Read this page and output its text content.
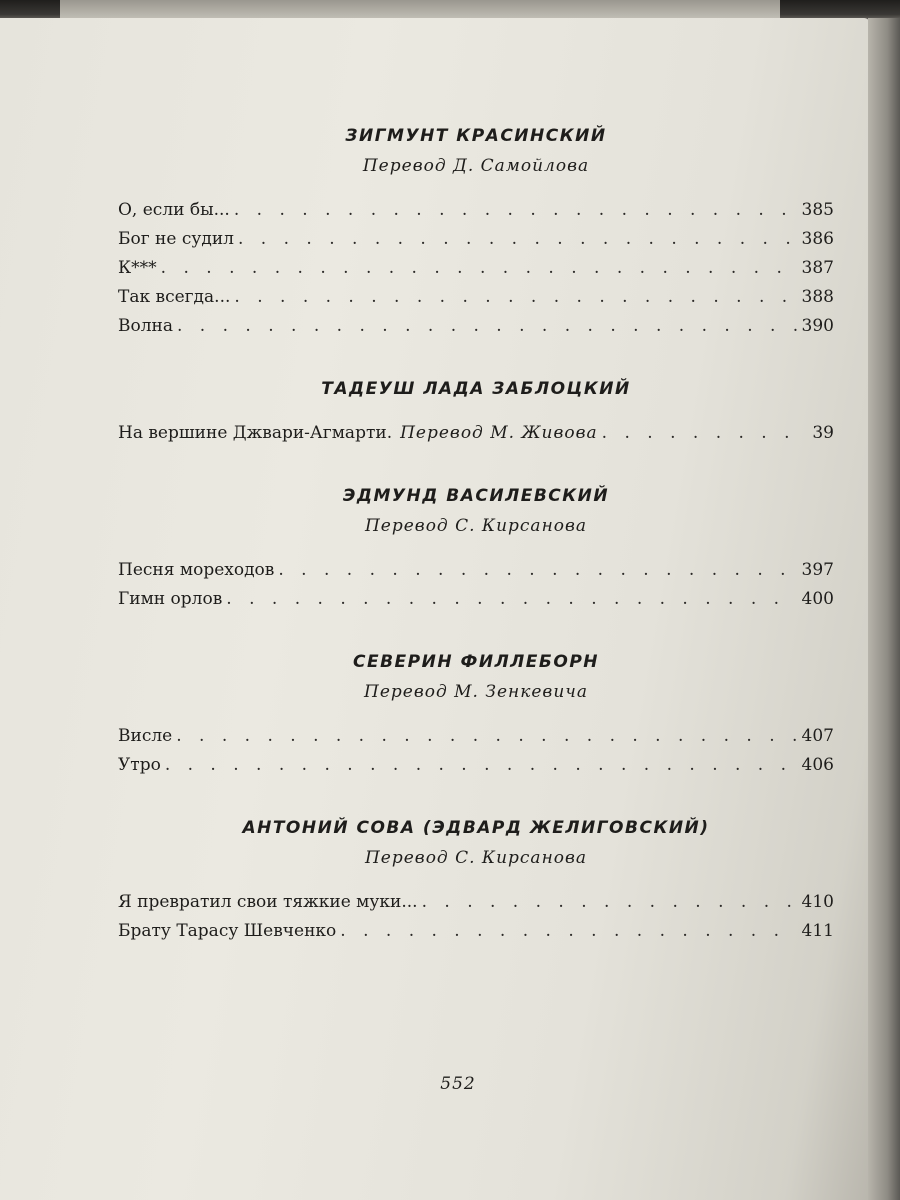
ЗИГМУНТ КРАСИНСКИЙ

Перевод Д. Самойлова

О, если бы... . . .	385
Бог не судил . . .	386
К*** . . .	387
Так всегда... . . .	388
Волна . . .	390

ТАДЕУШ ЛАДА ЗАБЛОЦКИЙ

На вершине Джвари-Агмарти. Перевод М. Живова . . .	39

ЭДМУНД ВАСИЛЕВСКИЙ

Перевод С. Кирсанова

Песня мореходов . . .	397
Гимн орлов . . .	400

СЕВЕРИН ФИЛЛЕБОРН

Перевод М. Зенкевича

Висле . . .	407
Утро . . .	406

АНТОНИЙ СОВА (ЭДВАРД ЖЕЛИГОВСКИЙ)

Перевод С. Кирсанова

Я превратил свои тяжкие муки... . . .	410
Брату Тарасу Шевченко . . .	411
552
